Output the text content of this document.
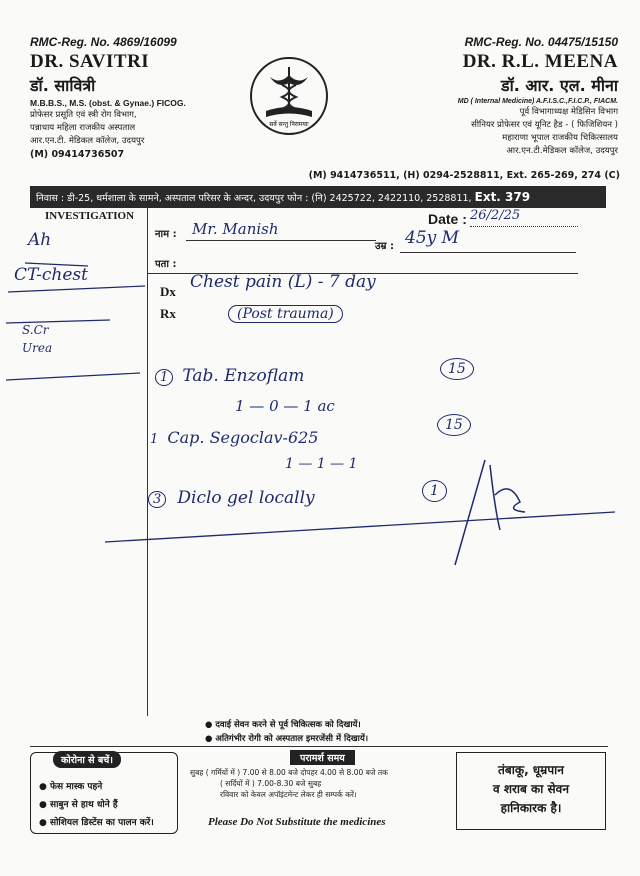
RMC-Reg. No. 4869/16099
DR. SAVITRI
डॉ. सावित्री
M.B.B.S., M.S. (obst. & Gynae.) FICOG.
प्रोफेसर प्रसूति एवं स्त्री रोग विभाग,
पन्नाधाय महिला राजकीय अस्पताल
आर.एन.टी. मेडिकल कॉलेज, उदयपुर
(M) 09414736507
सर्वे सन्तु निरामयाः
RMC-Reg. No. 04475/15150
DR. R.L. MEENA
डॉ. आर. एल. मीना
MD ( Internal Medicine) A.F.I.S.C.,F.I.C.P., FIACM.
पूर्व विभागाध्यक्ष मेडिसिन विभाग
सीनियर प्रोफेसर एवं यूनिट हैड - ( फिजिशियन )
महाराणा भूपाल राजकीय चिकित्सालय
आर.एन.टी.मेडिकल कॉलेज, उदयपुर
(M) 9414736511, (H) 0294-2528811, Ext. 265-269, 274 (C)
निवास : डी-25, धर्मशाला के सामने, अस्पताल परिसर के अन्दर, उदयपुर फोन : (नि) 2425722, 2422110, 2528811, Ext. 379
INVESTIGATION
नाम :
Date :
उम्र :
पता :
Dx
Rx
Mr. Manish
26/2/25
45y M
Ah
CT-chest
S.Cr
Urea
Chest pain (L) - 7 day
(Post trauma)
1 Tab. Enzoflam
1 — 0 — 1 ac
15
1 Cap. Segoclav-625
1 — 1 — 1
15
3 Diclo gel locally	1
● दवाई सेवन करने से पूर्व चिकित्सक को दिखायें।
● अतिगंभीर रोगी को अस्पताल इमरजेंसी में दिखायें।
कोरोना से बचें।
● फेस मास्क पहने
● साबुन से हाथ धोने हैं
● सोशियल डिस्टेंस का पालन करें।
परामर्श समय
सुबह ( गर्मियों में ) 7.00 से 8.00 बजे दोपहर 4.00 से 8.00 बजे तक
( सर्दियों में ) 7.00-8.30 बजे सुबह
रविवार को केवल अपॉइंटमेन्ट लेकर ही सम्पर्क करें।
Please Do Not Substitute the medicines
तंबाकू, धूम्रपान
व शराब का सेवन
हानिकारक है।
